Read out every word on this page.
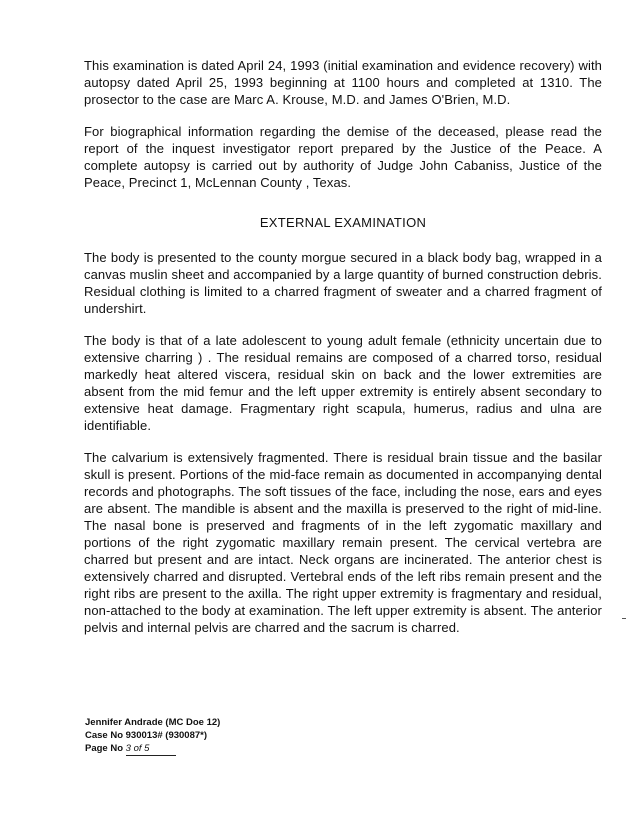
This examination is dated April 24, 1993 (initial examination and evidence recovery) with autopsy dated April 25, 1993 beginning at 1100 hours and completed at 1310. The prosector to the case are Marc A. Krouse, M.D. and James O'Brien, M.D.

For biographical information regarding the demise of the deceased, please read the report of the inquest investigator report prepared by the Justice of the Peace. A complete autopsy is carried out by authority of Judge John Cabaniss, Justice of the Peace, Precinct 1, McLennan County , Texas.

EXTERNAL EXAMINATION

The body is presented to the county morgue secured in a black body bag, wrapped in a canvas muslin sheet and accompanied by a large quantity of burned construction debris. Residual clothing is limited to a charred fragment of sweater and a charred fragment of undershirt.

The body is that of a late adolescent to young adult female (ethnicity uncertain due to extensive charring ) . The residual remains are composed of a charred torso, residual markedly heat altered viscera, residual skin on back and the lower extremities are absent from the mid femur and the left upper extremity is entirely absent secondary to extensive heat damage. Fragmentary right scapula, humerus, radius and ulna are identifiable.

The calvarium is extensively fragmented. There is residual brain tissue and the basilar skull is present. Portions of the mid-face remain as documented in accompanying dental records and photographs. The soft tissues of the face, including the nose, ears and eyes are absent. The mandible is absent and the maxilla is preserved to the right of mid-line. The nasal bone is preserved and fragments of in the left zygomatic maxillary and portions of the right zygomatic maxillary remain present. The cervical vertebra are charred but present and are intact. Neck organs are incinerated. The anterior chest is extensively charred and disrupted. Vertebral ends of the left ribs remain present and the right ribs are present to the axilla. The right upper extremity is fragmentary and residual, non-attached to the body at examination. The left upper extremity is absent. The anterior pelvis and internal pelvis are charred and the sacrum is charred.

Jennifer Andrade (MC Doe 12)
Case No 930013# (930087*)
Page No 3 of 5
